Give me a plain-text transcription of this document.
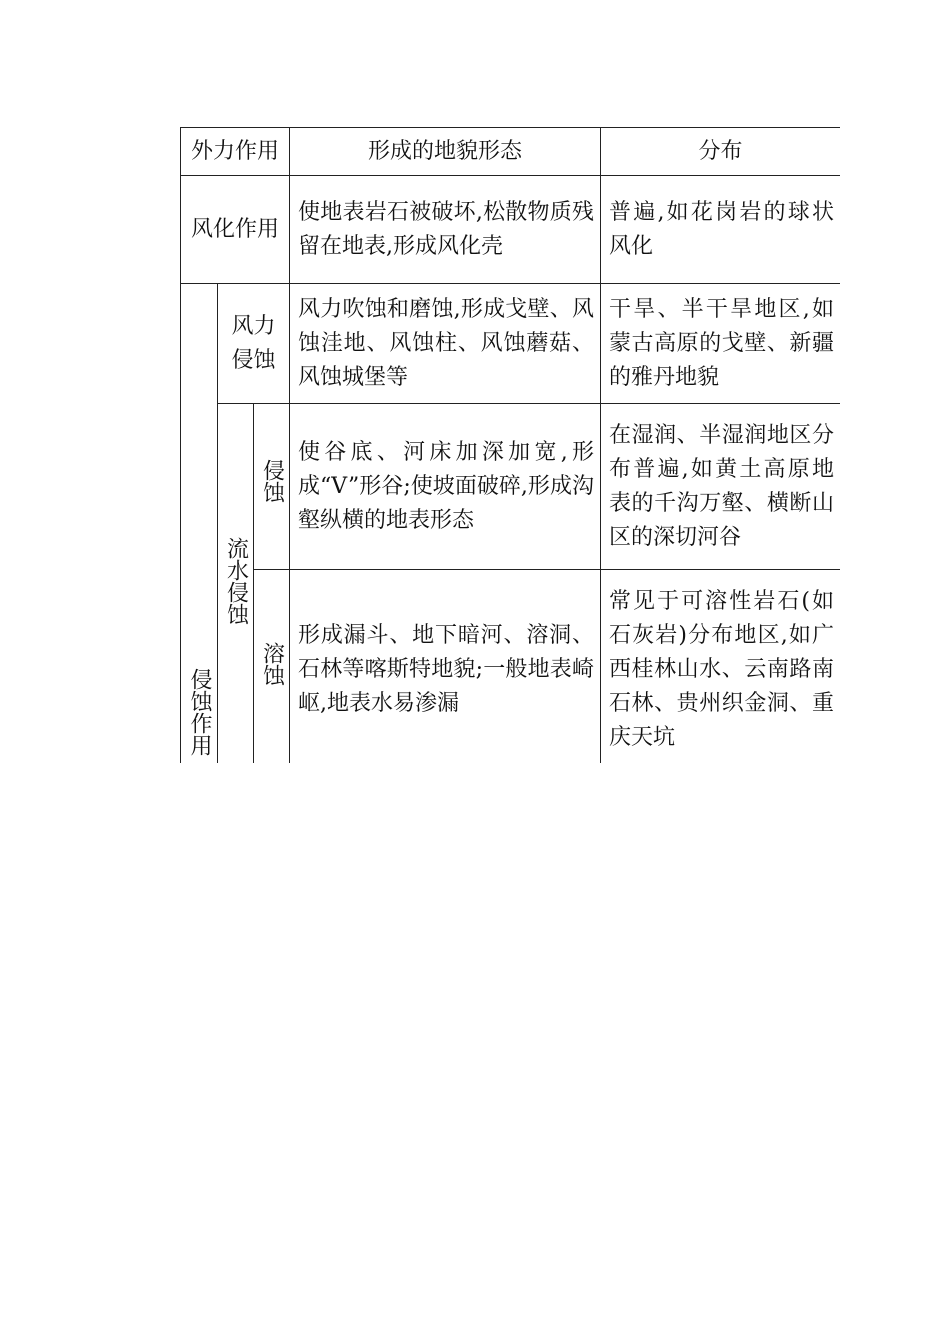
外力作用			形成的地貌形态	分布
风化作用			使地表岩石被破坏,松散物质残留在地表,形成风化壳	普遍,如花岗岩的球状风化
侵蚀作用	风力侵蚀		风力吹蚀和磨蚀,形成戈壁、风蚀洼地、风蚀柱、风蚀蘑菇、风蚀城堡等	干旱、半干旱地区,如蒙古高原的戈壁、新疆的雅丹地貌
	流水侵蚀	侵蚀	使谷底、河床加深加宽,形成“V”形谷;使坡面破碎,形成沟壑纵横的地表形态	在湿润、半湿润地区分布普遍,如黄土高原地表的千沟万壑、横断山区的深切河谷
		溶蚀	形成漏斗、地下暗河、溶洞、石林等喀斯特地貌;一般地表崎岖,地表水易渗漏	常见于可溶性岩石(如石灰岩)分布地区,如广西桂林山水、云南路南石林、贵州织金洞、重庆天坑
